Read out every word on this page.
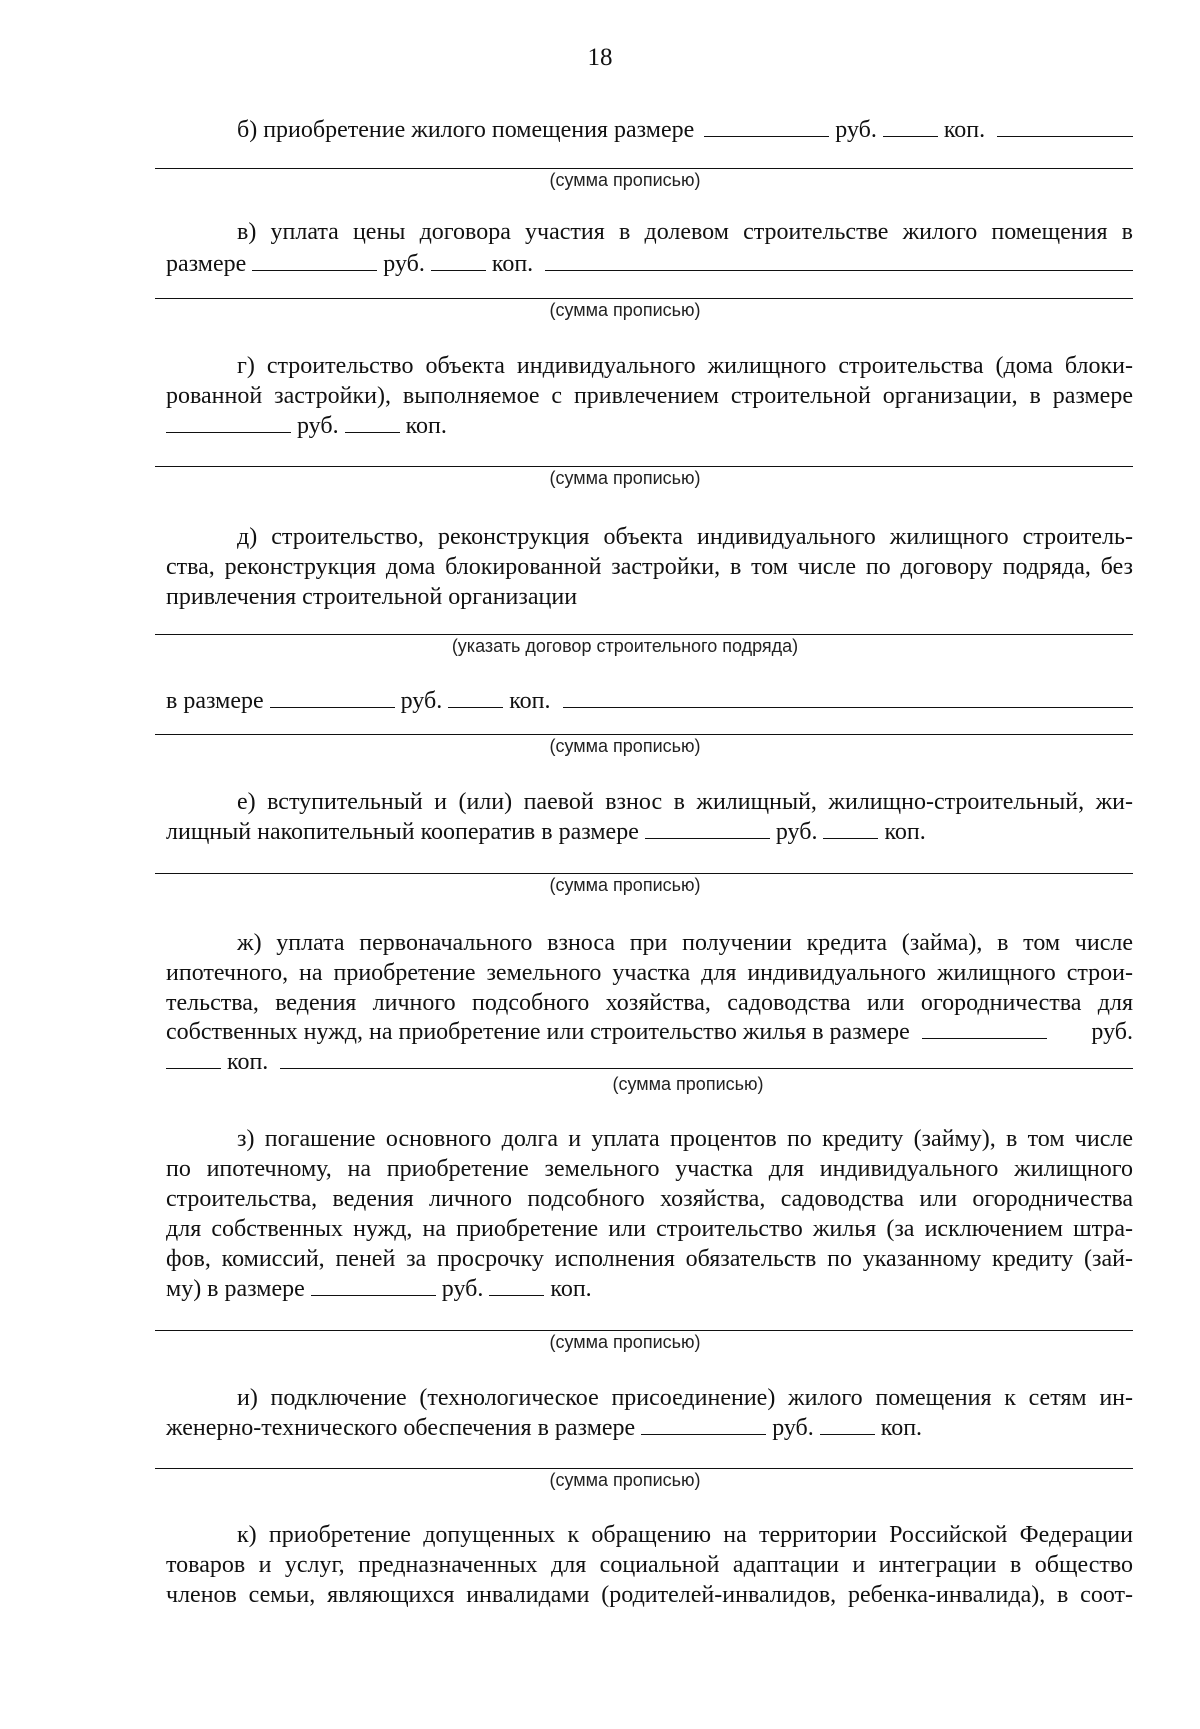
18
б) приобретение жилого помещения размере	руб.	коп.
(сумма прописью)
в) уплата цены договора участия в долевом строительстве жилого помещения в
размере	руб.	коп.
(сумма прописью)
г) строительство объекта индивидуального жилищного строительства (дома блоки-
рованной застройки), выполняемое с привлечением строительной организации, в размере
руб.	коп.
(сумма прописью)
д) строительство, реконструкция объекта индивидуального жилищного строитель-
ства, реконструкция дома блокированной застройки, в том числе по договору подряда, без
привлечения строительной организации
(указать договор строительного подряда)
в размере	руб.	коп.
(сумма прописью)
е) вступительный и (или) паевой взнос в жилищный, жилищно-строительный, жи-
лищный накопительный кооператив в размере	руб.	коп.
(сумма прописью)
ж) уплата первоначального взноса при получении кредита (займа), в том числе
ипотечного, на приобретение земельного участка для индивидуального жилищного строи-
тельства, ведения личного подсобного хозяйства, садоводства или огородничества для
собственных нужд, на приобретение или строительство жилья в размере	руб.
коп.
(сумма прописью)
з) погашение основного долга и уплата процентов по кредиту (займу), в том числе
по ипотечному, на приобретение земельного участка для индивидуального жилищного
строительства, ведения личного подсобного хозяйства, садоводства или огородничества
для собственных нужд, на приобретение или строительство жилья (за исключением штра-
фов, комиссий, пеней за просрочку исполнения обязательств по указанному кредиту (зай-
му) в размере	руб.	коп.
(сумма прописью)
и) подключение (технологическое присоединение) жилого помещения к сетям ин-
женерно-технического обеспечения в размере	руб.	коп.
(сумма прописью)
к) приобретение допущенных к обращению на территории Российской Федерации
товаров и услуг, предназначенных для социальной адаптации и интеграции в общество
членов семьи, являющихся инвалидами (родителей-инвалидов, ребенка-инвалида), в соот-
